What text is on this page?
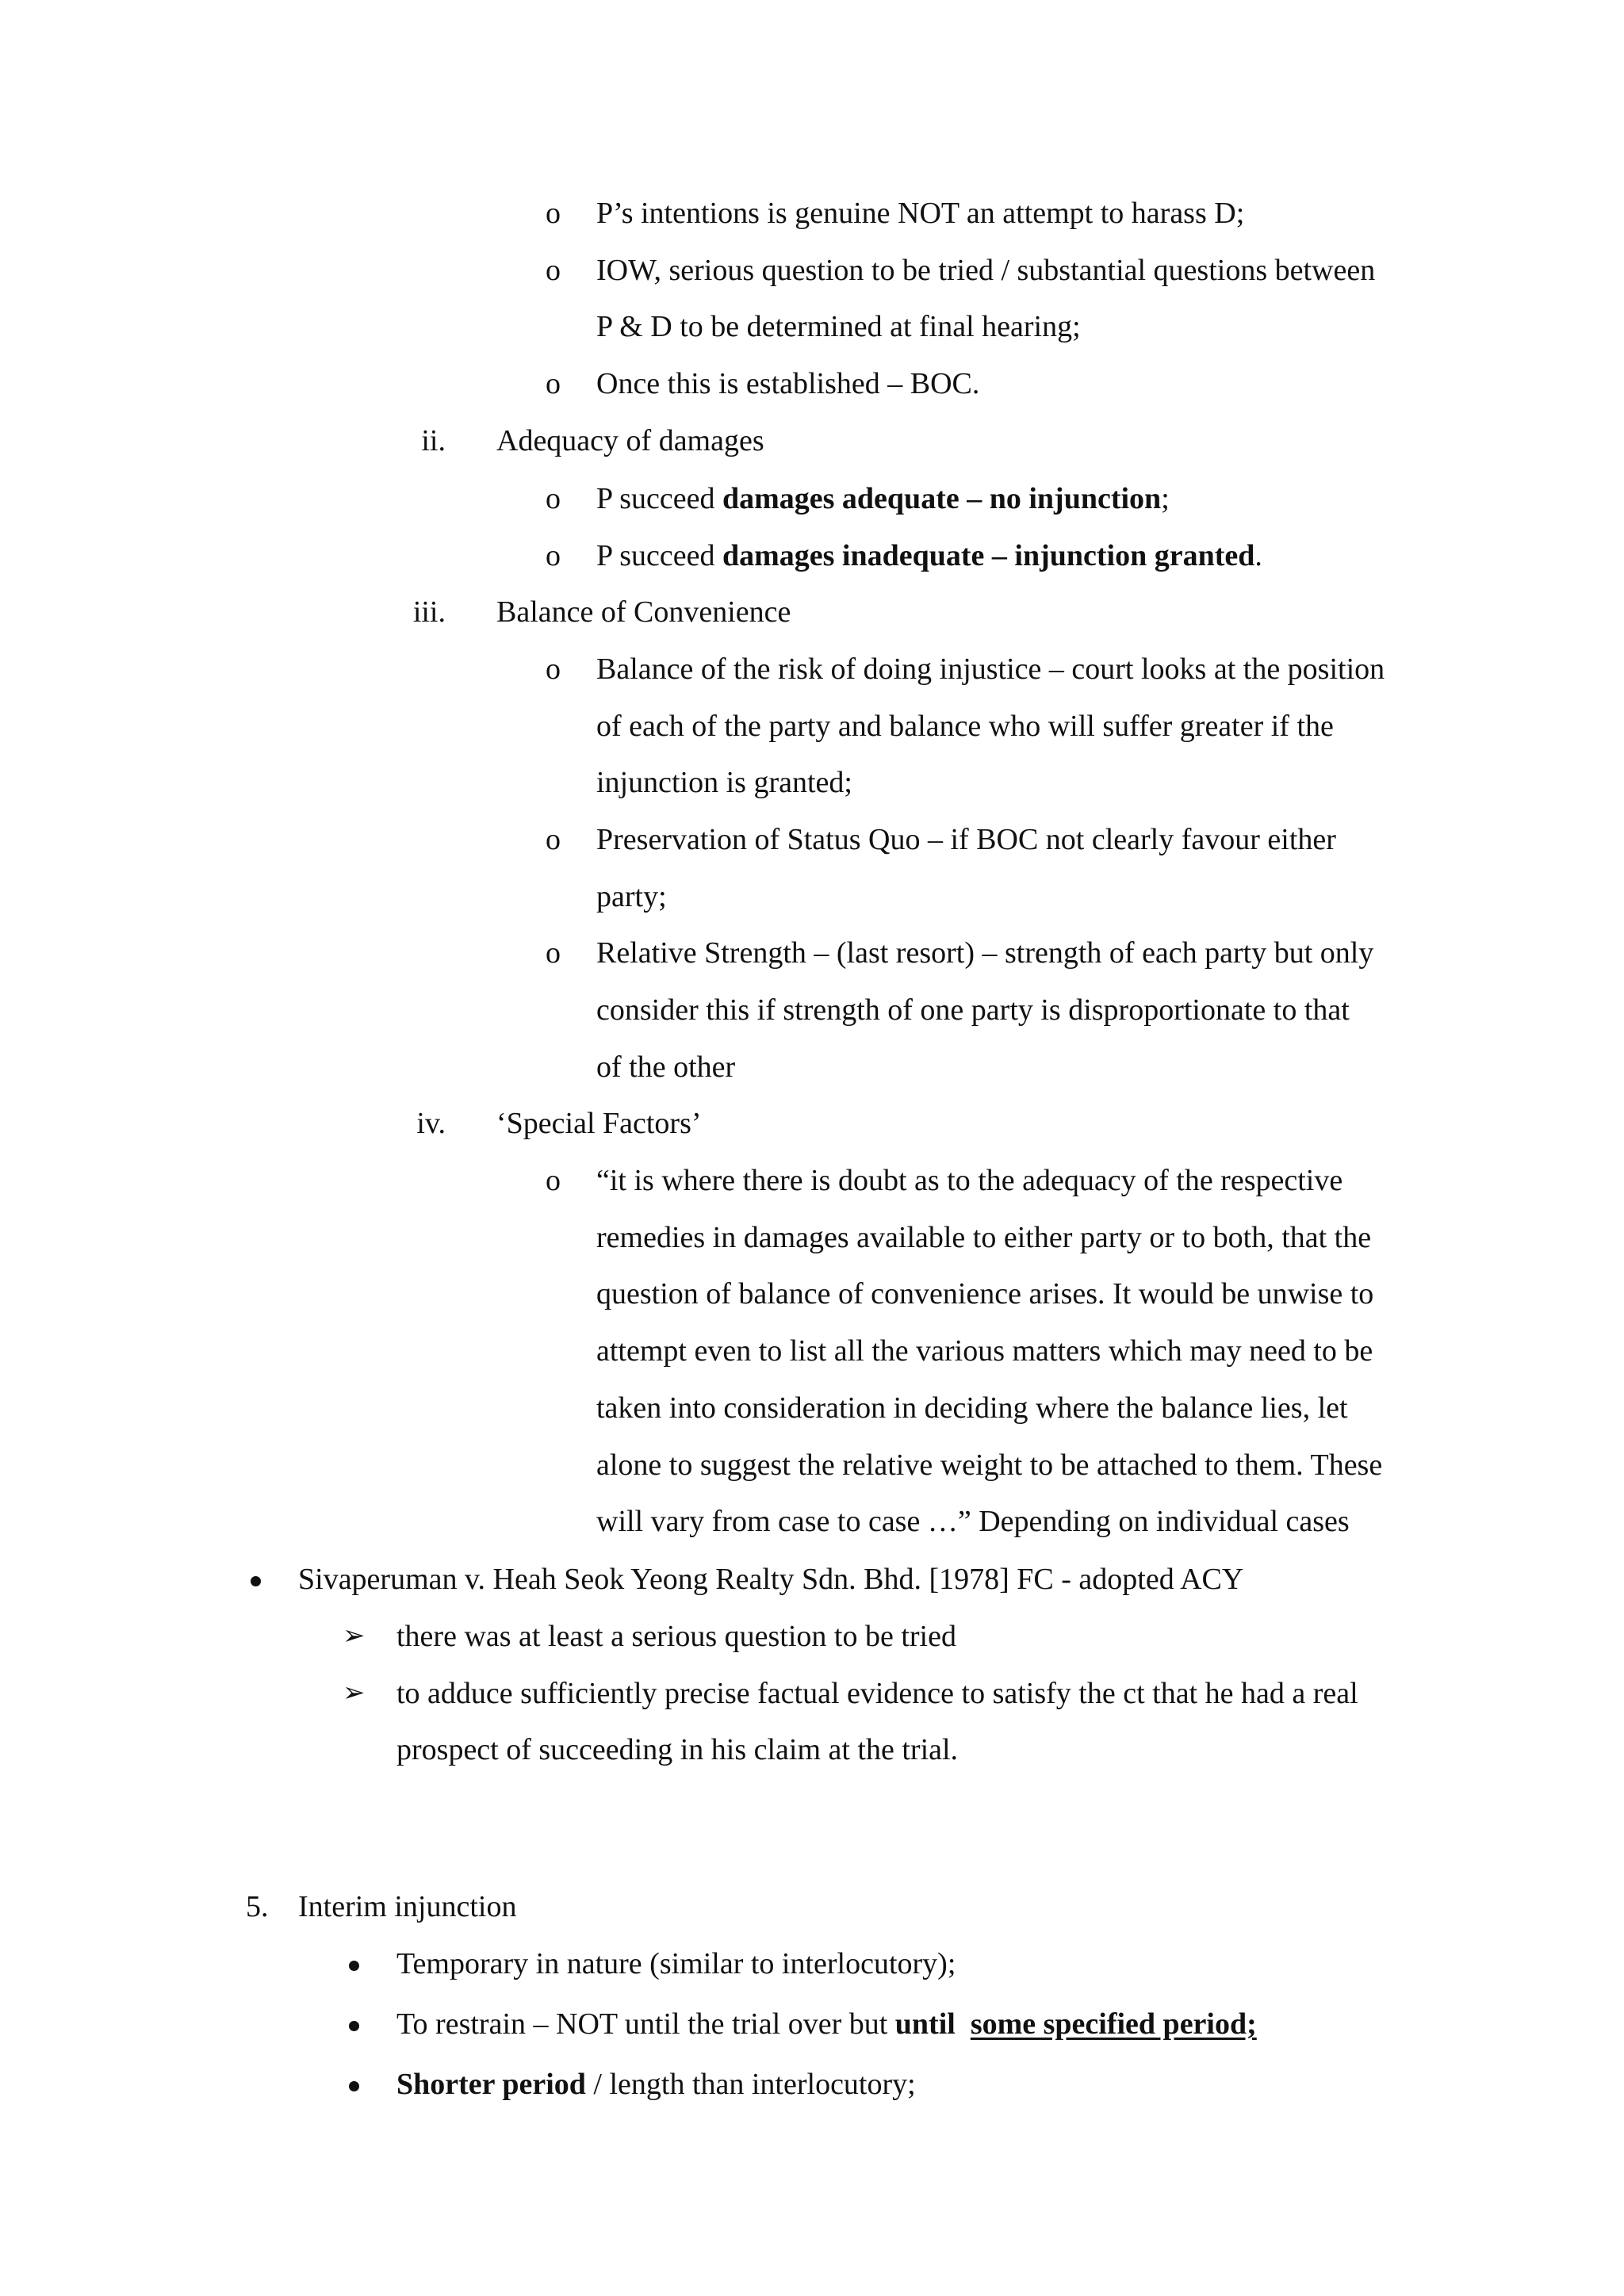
o P’s intentions is genuine NOT an attempt to harass D;
o IOW, serious question to be tried / substantial questions between
P & D to be determined at final hearing;
o Once this is established – BOC.
ii. Adequacy of damages
o P succeed damages adequate – no injunction;
o P succeed damages inadequate – injunction granted.
iii. Balance of Convenience
o Balance of the risk of doing injustice – court looks at the position
of each of the party and balance who will suffer greater if the
injunction is granted;
o Preservation of Status Quo – if BOC not clearly favour either
party;
o Relative Strength – (last resort) – strength of each party but only
consider this if strength of one party is disproportionate to that
of the other
iv. ‘Special Factors’
o “it is where there is doubt as to the adequacy of the respective
remedies in damages available to either party or to both, that the
question of balance of convenience arises. It would be unwise to
attempt even to list all the various matters which may need to be
taken into consideration in deciding where the balance lies, let
alone to suggest the relative weight to be attached to them. These
will vary from case to case …” Depending on individual cases
Sivaperuman v. Heah Seok Yeong Realty Sdn. Bhd. [1978] FC - adopted ACY
➢ there was at least a serious question to be tried
➢ to adduce sufficiently precise factual evidence to satisfy the ct that he had a real
prospect of succeeding in his claim at the trial.
5. Interim injunction
Temporary in nature (similar to interlocutory);
To restrain – NOT until the trial over but until some specified period;
Shorter period / length than interlocutory;
